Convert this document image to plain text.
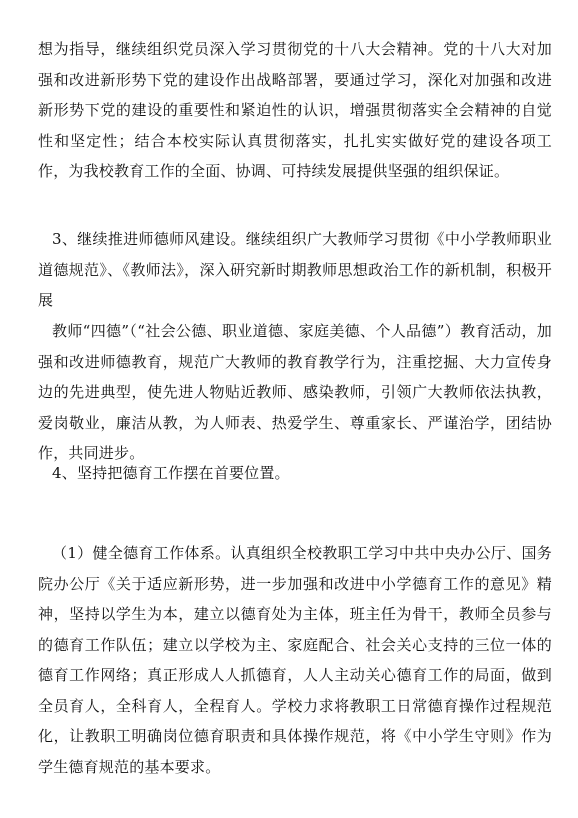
想为指导，继续组织党员深入学习贯彻党的十八大会精神。党的十八大对加强和改进新形势下党的建设作出战略部署，要通过学习，深化对加强和改进新形势下党的建设的重要性和紧迫性的认识，增强贯彻落实全会精神的自觉性和坚定性；结合本校实际认真贯彻落实，扎扎实实做好党的建设各项工作，为我校教育工作的全面、协调、可持续发展提供坚强的组织保证。

3、继续推进师德师风建设。继续组织广大教师学习贯彻《中小学教师职业道德规范》、《教师法》，深入研究新时期教师思想政治工作的新机制，积极开展

教师“四德”（“社会公德、职业道德、家庭美德、个人品德”）教育活动，加强和改进师德教育，规范广大教师的教育教学行为，注重挖掘、大力宣传身边的先进典型，使先进人物贴近教师、感染教师，引领广大教师依法执教，爱岗敬业，廉洁从教，为人师表、热爱学生、尊重家长、严谨治学，团结协作，共同进步。

4、坚持把德育工作摆在首要位置。

（1）健全德育工作体系。认真组织全校教职工学习中共中央办公厅、国务院办公厅《关于适应新形势，进一步加强和改进中小学德育工作的意见》精神，坚持以学生为本，建立以德育处为主体，班主任为骨干，教师全员参与的德育工作队伍；建立以学校为主、家庭配合、社会关心支持的三位一体的德育工作网络；真正形成人人抓德育，人人主动关心德育工作的局面，做到全员育人，全科育人，全程育人。学校力求将教职工日常德育操作过程规范化，让教职工明确岗位德育职责和具体操作规范，将《中小学生守则》作为学生德育规范的基本要求。
